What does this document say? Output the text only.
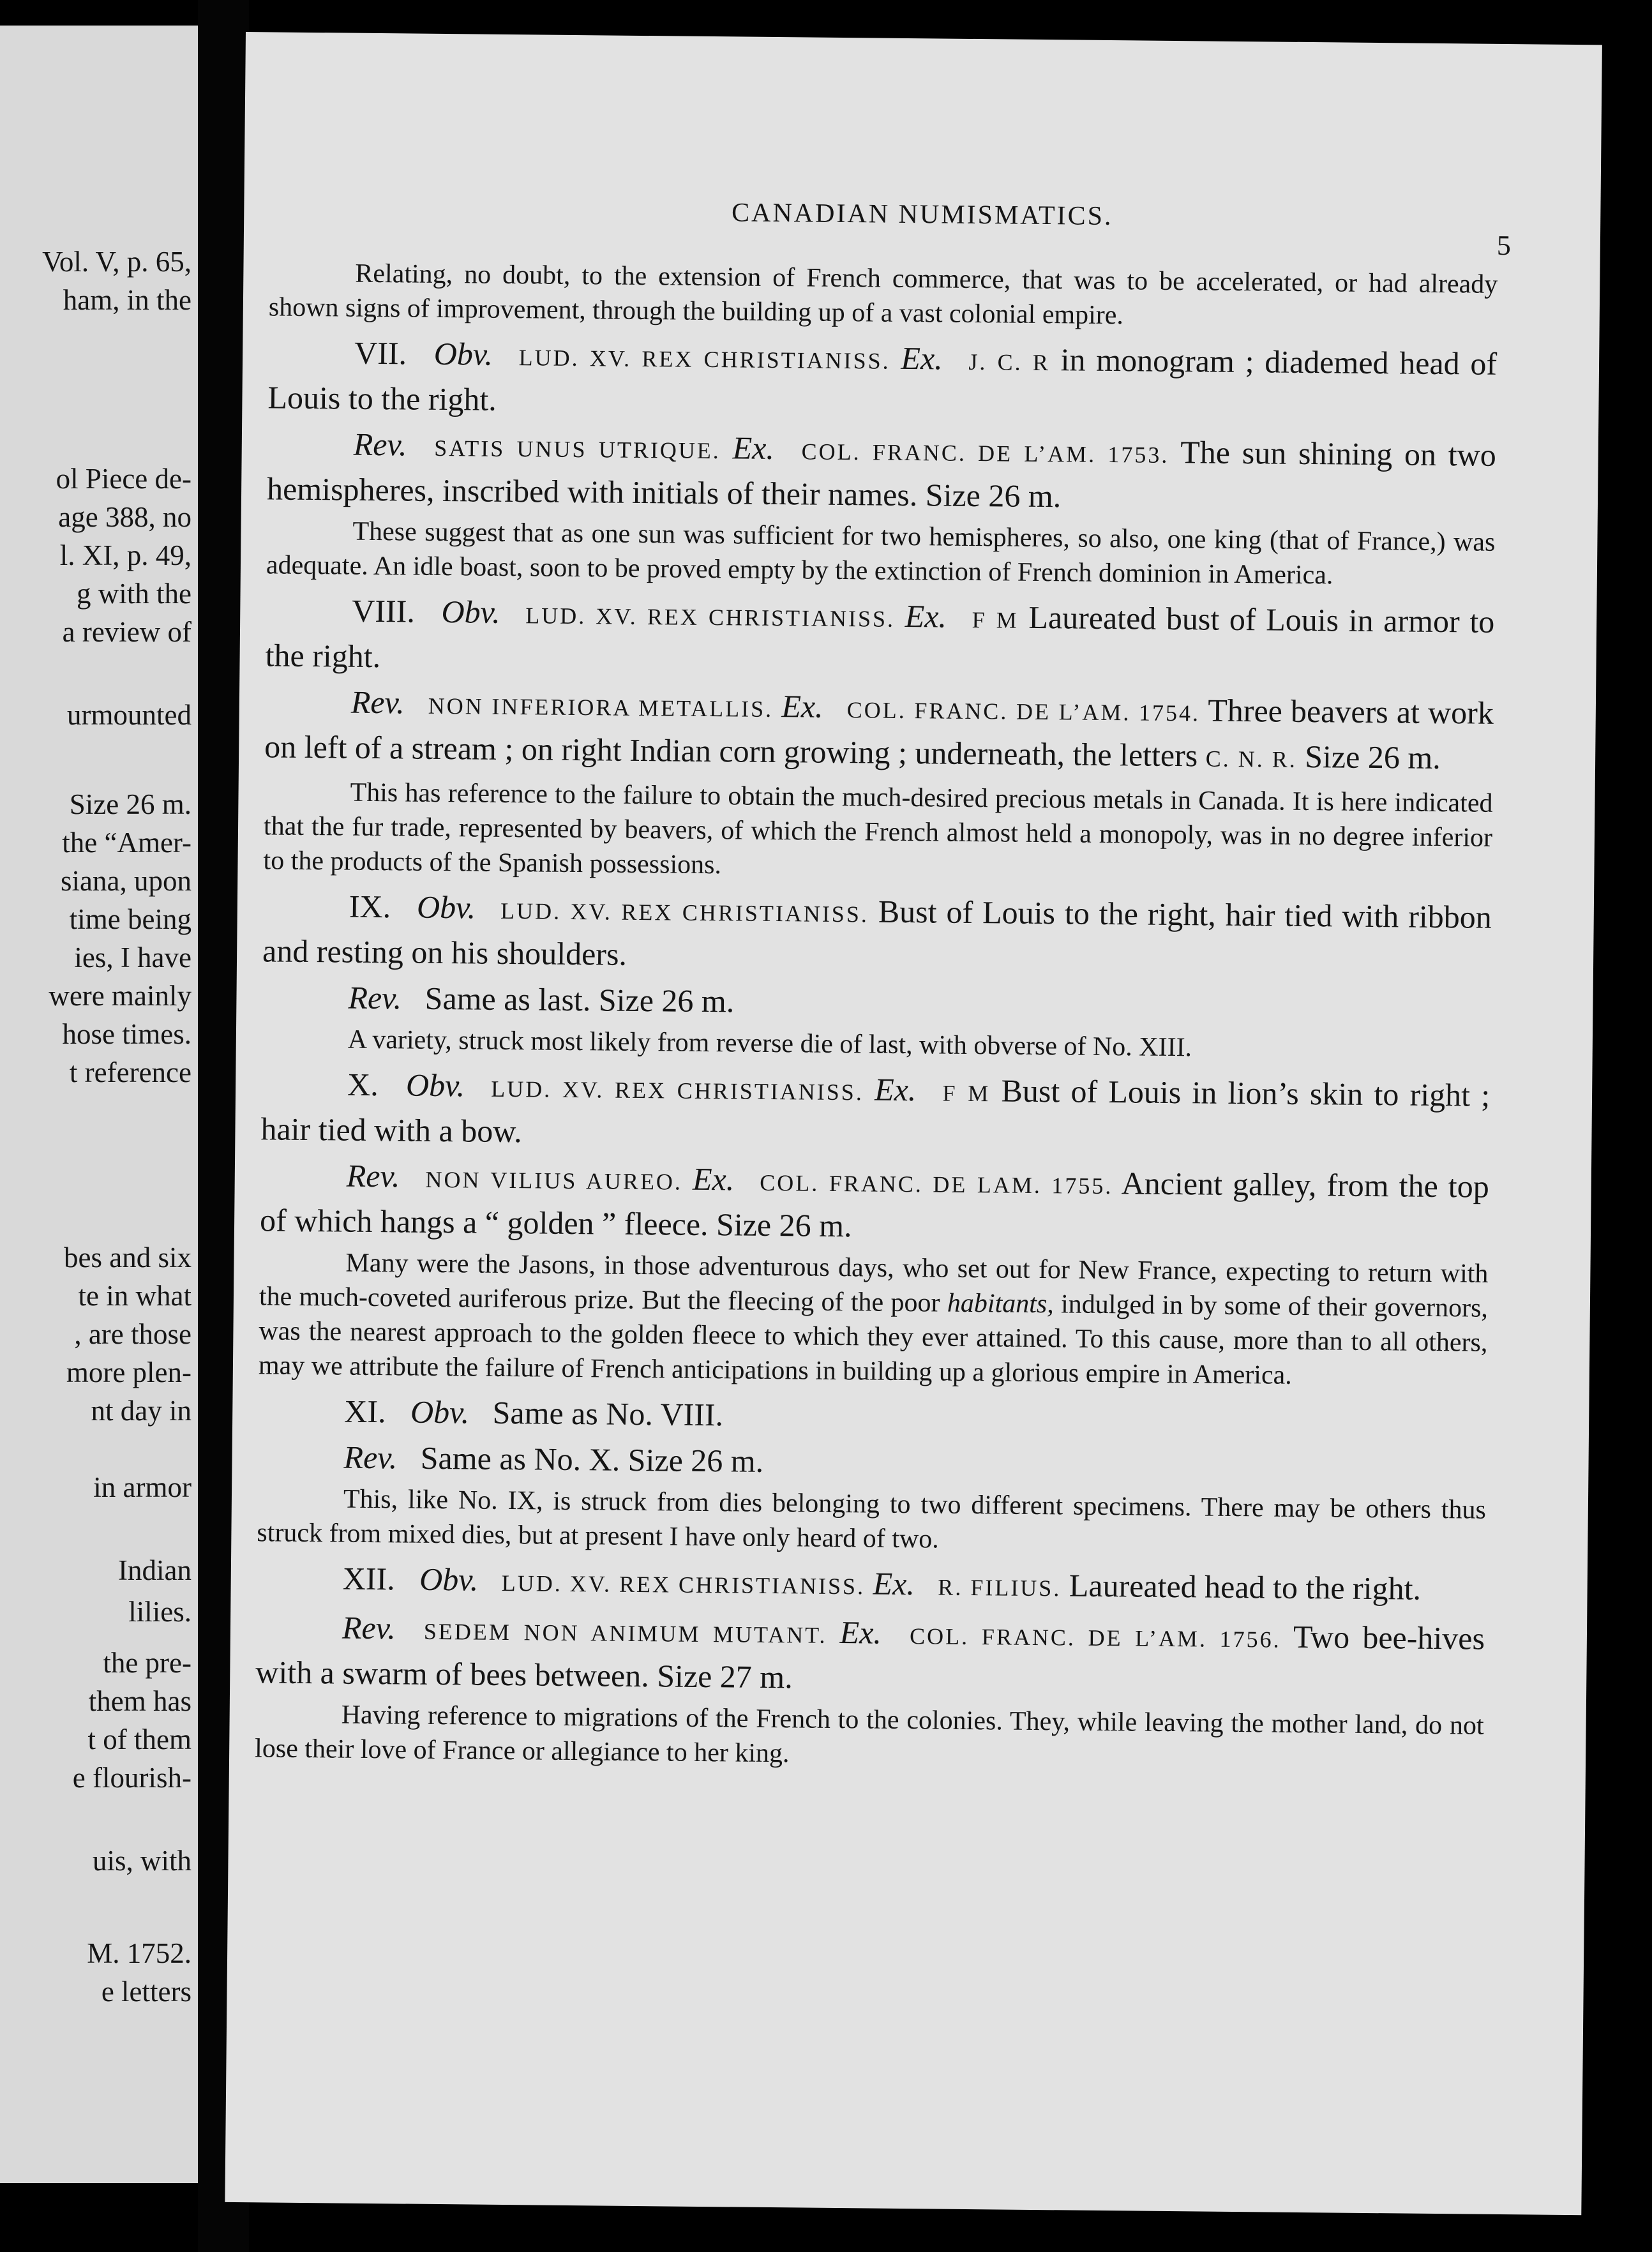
Vol. V, p. 65,
ham, in the
ol Piece de-
age 388, no
l. XI, p. 49,
g with the
a review of
urmounted
Size 26 m.
the “Amer-
siana, upon
time being
ies, I have
were mainly
hose times.
t reference
bes and six
te in what
, are those
more plen-
nt day in
in armor
Indian
lilies.
the pre-
them has
t of them
e flourish-
uis, with
M. 1752.
e letters
CANADIAN NUMISMATICS.
5

Relating, no doubt, to the extension of French commerce, that was to be accelerated, or had already shown signs of improvement, through the building up of a vast colonial empire.

VII. Obv. LUD. XV. REX CHRISTIANISS. Ex. J. C. R in monogram ; diademed head of Louis to the right.

Rev. SATIS UNUS UTRIQUE. Ex. COL. FRANC. DE L’AM. 1753. The sun shining on two hemispheres, inscribed with initials of their names. Size 26 m.

These suggest that as one sun was sufficient for two hemispheres, so also, one king (that of France,) was adequate. An idle boast, soon to be proved empty by the extinction of French dominion in America.

VIII. Obv. LUD. XV. REX CHRISTIANISS. Ex. F M Laureated bust of Louis in armor to the right.

Rev. NON INFERIORA METALLIS. Ex. COL. FRANC. DE L’AM. 1754. Three beavers at work on left of a stream ; on right Indian corn growing ; underneath, the letters C. N. R. Size 26 m.

This has reference to the failure to obtain the much-desired precious metals in Canada. It is here indicated that the fur trade, represented by beavers, of which the French almost held a monopoly, was in no degree inferior to the products of the Spanish possessions.

IX. Obv. LUD. XV. REX CHRISTIANISS. Bust of Louis to the right, hair tied with ribbon and resting on his shoulders.

Rev. Same as last. Size 26 m.

A variety, struck most likely from reverse die of last, with obverse of No. XIII.

X. Obv. LUD. XV. REX CHRISTIANISS. Ex. F M Bust of Louis in lion’s skin to right ; hair tied with a bow.

Rev. NON VILIUS AUREO. Ex. COL. FRANC. DE LAM. 1755. Ancient galley, from the top of which hangs a “ golden ” fleece. Size 26 m.

Many were the Jasons, in those adventurous days, who set out for New France, expecting to return with the much-coveted auriferous prize. But the fleecing of the poor habitants, indulged in by some of their governors, was the nearest approach to the golden fleece to which they ever attained. To this cause, more than to all others, may we attribute the failure of French anticipations in building up a glorious empire in America.

XI. Obv. Same as No. VIII.

Rev. Same as No. X. Size 26 m.

This, like No. IX, is struck from dies belonging to two different specimens. There may be others thus struck from mixed dies, but at present I have only heard of two.

XII. Obv. LUD. XV. REX CHRISTIANISS. Ex. R. FILIUS. Laureated head to the right.

Rev. SEDEM NON ANIMUM MUTANT. Ex. COL. FRANC. DE L’AM. 1756. Two bee-hives with a swarm of bees between. Size 27 m.

Having reference to migrations of the French to the colonies. They, while leaving the mother land, do not lose their love of France or allegiance to her king.
